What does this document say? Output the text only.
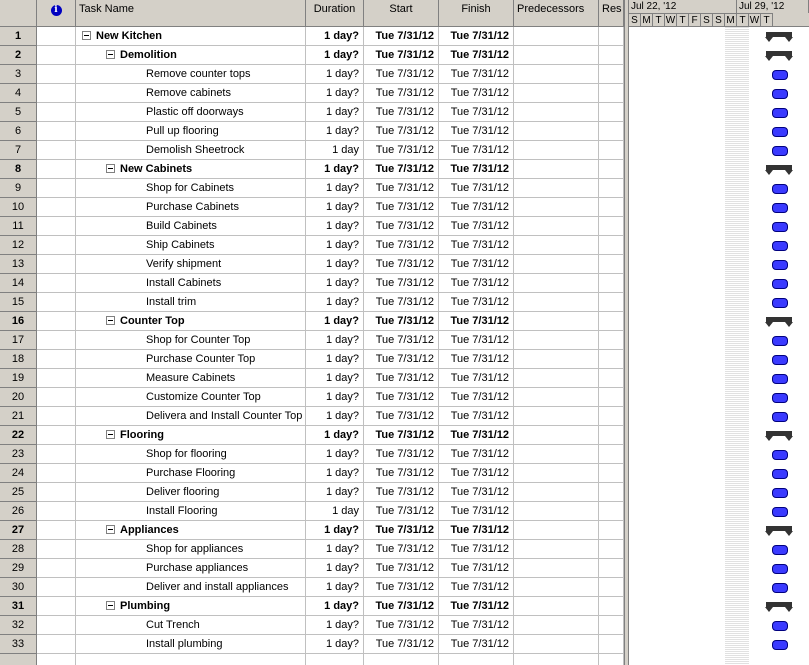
i	Task Name	Duration	Start	Finish	Predecessors	Res
1	New Kitchen	1 day?	Tue 7/31/12	Tue 7/31/12
2	Demolition	1 day?	Tue 7/31/12	Tue 7/31/12
3	Remove counter tops	1 day?	Tue 7/31/12	Tue 7/31/12
4	Remove cabinets	1 day?	Tue 7/31/12	Tue 7/31/12
5	Plastic off doorways	1 day?	Tue 7/31/12	Tue 7/31/12
6	Pull up flooring	1 day?	Tue 7/31/12	Tue 7/31/12
7	Demolish Sheetrock	1 day	Tue 7/31/12	Tue 7/31/12
8	New Cabinets	1 day?	Tue 7/31/12	Tue 7/31/12
9	Shop for Cabinets	1 day?	Tue 7/31/12	Tue 7/31/12
10	Purchase Cabinets	1 day?	Tue 7/31/12	Tue 7/31/12
11	Build Cabinets	1 day?	Tue 7/31/12	Tue 7/31/12
12	Ship Cabinets	1 day?	Tue 7/31/12	Tue 7/31/12
13	Verify shipment	1 day?	Tue 7/31/12	Tue 7/31/12
14	Install Cabinets	1 day?	Tue 7/31/12	Tue 7/31/12
15	Install trim	1 day?	Tue 7/31/12	Tue 7/31/12
16	Counter Top	1 day?	Tue 7/31/12	Tue 7/31/12
17	Shop for Counter Top	1 day?	Tue 7/31/12	Tue 7/31/12
18	Purchase Counter Top	1 day?	Tue 7/31/12	Tue 7/31/12
19	Measure Cabinets	1 day?	Tue 7/31/12	Tue 7/31/12
20	Customize Counter Top	1 day?	Tue 7/31/12	Tue 7/31/12
21	Delivera and Install Counter Top	1 day?	Tue 7/31/12	Tue 7/31/12
22	Flooring	1 day?	Tue 7/31/12	Tue 7/31/12
23	Shop for flooring	1 day?	Tue 7/31/12	Tue 7/31/12
24	Purchase Flooring	1 day?	Tue 7/31/12	Tue 7/31/12
25	Deliver flooring	1 day?	Tue 7/31/12	Tue 7/31/12
26	Install Flooring	1 day	Tue 7/31/12	Tue 7/31/12
27	Appliances	1 day?	Tue 7/31/12	Tue 7/31/12
28	Shop for appliances	1 day?	Tue 7/31/12	Tue 7/31/12
29	Purchase appliances	1 day?	Tue 7/31/12	Tue 7/31/12
30	Deliver and install appliances	1 day?	Tue 7/31/12	Tue 7/31/12
31	Plumbing	1 day?	Tue 7/31/12	Tue 7/31/12
32	Cut Trench	1 day?	Tue 7/31/12	Tue 7/31/12
33	Install plumbing	1 day?	Tue 7/31/12	Tue 7/31/12
Jul 22, '12	Jul 29, '12
S M T W T F S S M T W T
